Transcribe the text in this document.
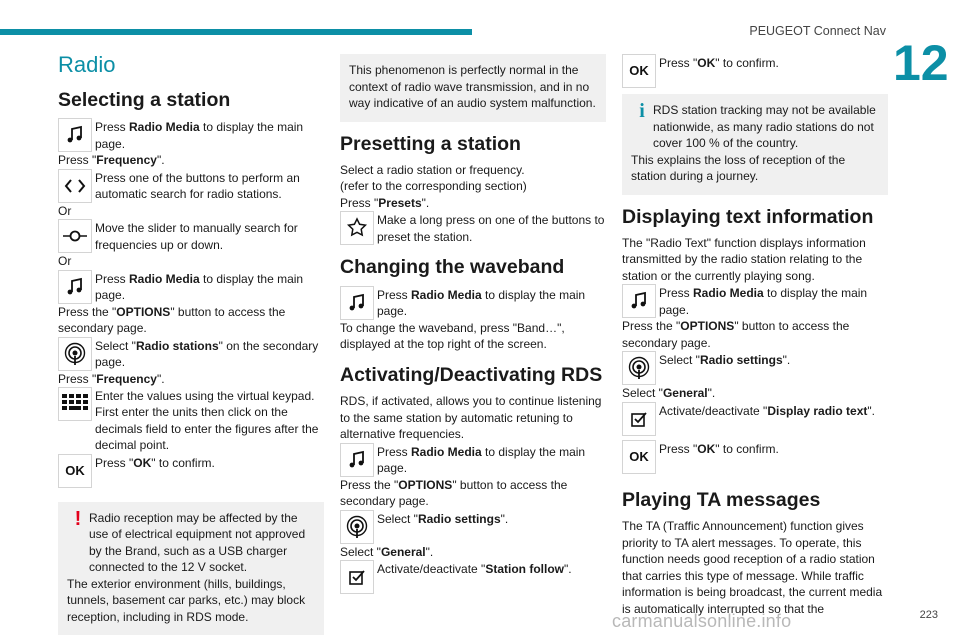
PEUGEOT Connect Nav
12
Radio
Selecting a station
Press Radio Media to display the main page.

Press "Frequency".

Press one of the buttons to perform an automatic search for radio stations.

Or

Move the slider to manually search for frequencies up or down.

Or

Press Radio Media to display the main page.

Press the "OPTIONS" button to access the secondary page.

Select "Radio stations" on the secondary page.

Press "Frequency".

Enter the values using the virtual keypad.

First enter the units then click on the decimals field to enter the figures after the decimal point.

OK Press "OK" to confirm.
! Radio reception may be affected by the use of electrical equipment not approved by the Brand, such as a USB charger connected to the 12 V socket.

The exterior environment (hills, buildings, tunnels, basement car parks, etc.) may block reception, including in RDS mode.

This phenomenon is perfectly normal in the context of radio wave transmission, and in no way indicative of an audio system malfunction.

Presetting a station

Select a radio station or frequency.

(refer to the corresponding section)

Press "Presets".

Make a long press on one of the buttons to preset the station.
Changing the waveband
Press Radio Media to display the main page.

To change the waveband, press "Band…", displayed at the top right of the screen.

Activating/Deactivating RDS

RDS, if activated, allows you to continue listening to the same station by automatic retuning to alternative frequencies.

Press Radio Media to display the main page.

Press the "OPTIONS" button to access the secondary page.

Select "Radio settings".

Select "General".

Activate/deactivate "Station follow".
OK Press "OK" to confirm.
i RDS station tracking may not be available nationwide, as many radio stations do not cover 100 % of the country.

This explains the loss of reception of the station during a journey.

Displaying text information

The "Radio Text" function displays information transmitted by the radio station relating to the station or the currently playing song.

Press Radio Media to display the main page.

Press the "OPTIONS" button to access the secondary page.

Select "Radio settings".

Select "General".

Activate/deactivate "Display radio text".
OK Press "OK" to confirm.
Playing TA messages

The TA (Traffic Announcement) function gives priority to TA alert messages. To operate, this function needs good reception of a radio station that carries this type of message. While traffic information is being broadcast, the current media is automatically interrupted so that the

carmanualsonline.info	223
